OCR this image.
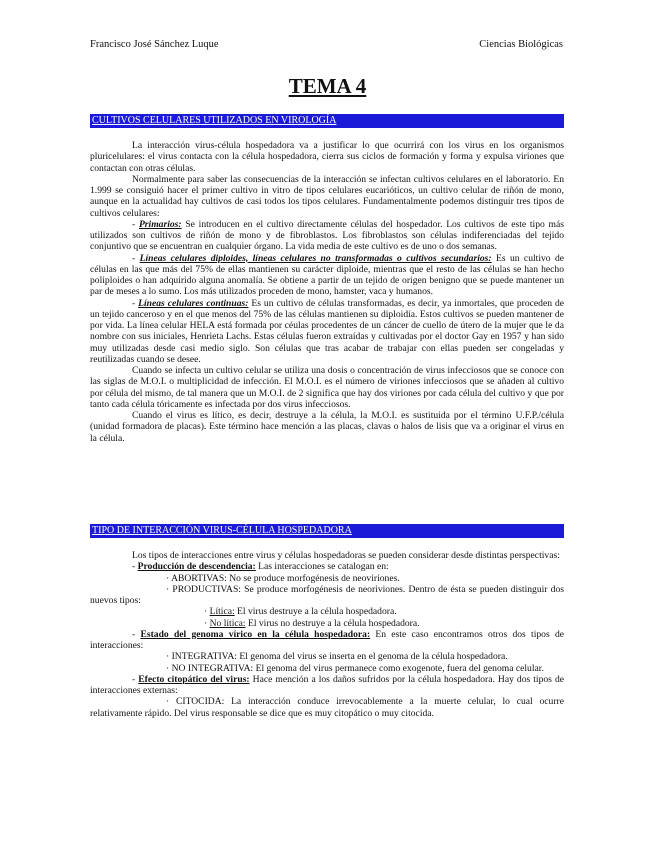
Francisco José Sánchez Luque	Ciencias Biológicas
TEMA 4
CULTIVOS CELULARES UTILIZADOS EN VIROLOGÍA

La interacción virus-célula hospedadora va a justificar lo que ocurrirá con los virus en los organismos pluricelulares: el virus contacta con la célula hospedadora, cierra sus ciclos de formación y forma y expulsa viriones que contactan con otras células.

Normalmente para saber las consecuencias de la interacción se infectan cultivos celulares en el laboratorio. En 1.999 se consiguió hacer el primer cultivo in vitro de tipos celulares eucarióticos, un cultivo celular de riñón de mono, aunque en la actualidad hay cultivos de casi todos los tipos celulares. Fundamentalmente podemos distinguir tres tipos de cultivos celulares:

- Primarios: Se introducen en el cultivo directamente células del hospedador. Los cultivos de este tipo más utilizados son cultivos de riñón de mono y de fibroblastos. Los fibroblastos son células indiferenciadas del tejido conjuntivo que se encuentran en cualquier órgano. La vida media de este cultivo es de uno o dos semanas.

- Líneas celulares diploides, líneas celulares no transformadas o cultivos secundarios: Es un cultivo de células en las que más del 75% de ellas mantienen su carácter diploide, mientras que el resto de las células se han hecho poliploides o han adquirido alguna anomalía. Se obtiene a partir de un tejido de origen benigno que se puede mantener un par de meses a lo sumo. Los más utilizados proceden de mono, hamster, vaca y humanos.

- Líneas celulares continuas: Es un cultivo de células transformadas, es decir, ya inmortales, que proceden de un tejido canceroso y en el que menos del 75% de las células mantienen su diploidía. Estos cultivos se pueden mantener de por vida. La línea celular HELA está formada por céulas procedentes de un cáncer de cuello de útero de la mujer que le da nombre con sus iniciales, Henrieta Lachs. Estas células fueron extraídas y cultivadas por el doctor Gay en 1957 y han sido muy utilizadas desde casi medio siglo. Son células que tras acabar de trabajar con ellas pueden ser congeladas y reutilizadas cuando se desee.

Cuando se infecta un cultivo celular se utiliza una dosis o concentración de virus infecciosos que se conoce con las siglas de M.O.I. o multiplicidad de infección. El M.O.I. es el número de viriones infecciosos que se añaden al cultivo por célula del mismo, de tal manera que un M.O.I. de 2 significa que hay dos viriones por cada célula del cultivo y que por tanto cada célula tóricamente es infectada por dos virus infecciosos.

Cuando el virus es lítico, es decir, destruye a la célula, la M.O.I. es sustituida por el término U.F.P./célula (unidad formadora de placas). Este término hace mención a las placas, clavas o halos de lisis que va a originar el virus en la célula.

TIPO DE INTERACCIÓN VIRUS-CÉLULA HOSPEDADORA

Los tipos de interacciones entre virus y células hospedadoras se pueden considerar desde distintas perspectivas:

- Producción de descendencia: Las interacciones se catalogan en:

· ABORTIVAS: No se produce morfogénesis de neoviriones.

· PRODUCTIVAS: Se produce morfogénesis de neoriviones. Dentro de ésta se pueden distinguir dos nuevos tipos:

· Lítica: El virus destruye a la célula hospedadora.

· No lítica: El virus no destruye a la célula hospedadora.

- Estado del genoma vírico en la célula hospedadora: En este caso encontramos otros dos tipos de interacciones:

· INTEGRATIVA: El genoma del virus se inserta en el genoma de la célula hospedadora.

· NO INTEGRATIVA: El genoma del virus permanece como exogenote, fuera del genoma celular.

- Efecto citopático del virus: Hace mención a los daños sufridos por la célula hospedadora. Hay dos tipos de interacciones externas:

· CITOCIDA: La interacción conduce irrevocablemente a la muerte celular, lo cual ocurre relativamente rápido. Del virus responsable se dice que es muy citopático o muy citocida.
